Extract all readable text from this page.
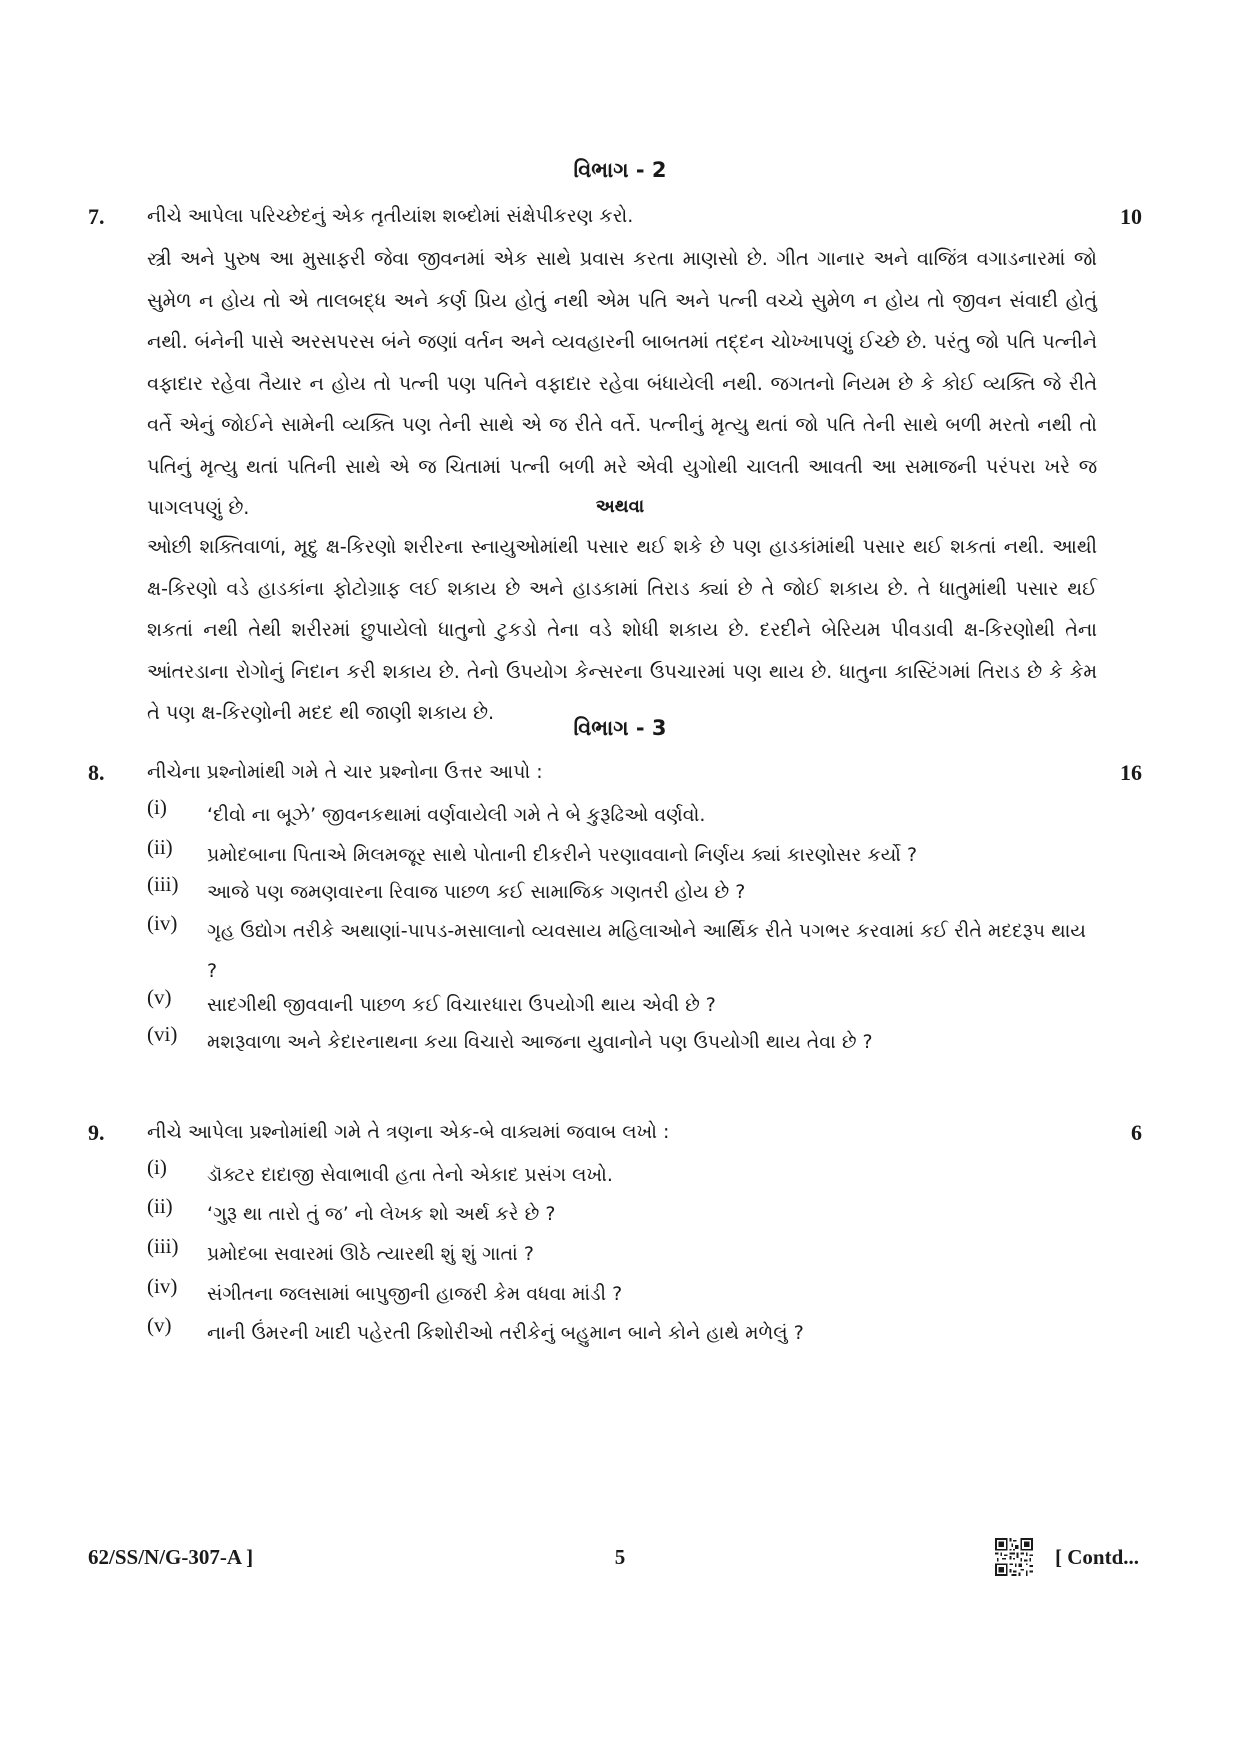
વિભાગ - 2
7. નીચે આપેલા પરિચ્છેદનું એક તૃતીયાંશ શબ્દોમાં સંક્ષેપીકરણ કરો.	10
સ્ત્રી અને પુરુષ આ મુસાફરી જેવા જીવનમાં એક સાથે પ્રવાસ કરતા માણસો છે. ગીત ગાનાર અને વાજિંત્ર વગાડનારમાં જો સુમેળ ન હોય તો એ તાલબદ્ધ અને કર્ણ પ્રિય હોતું નથી એમ પતિ અને પત્ની વચ્ચે સુમેળ ન હોય તો જીવન સંવાદી હોતું નથી. બંનેની પાસે અરસપરસ બંને જણાં વર્તન અને વ્યવહારની બાબતમાં તદ્દન ચોખ્ખાપણું ઈચ્છે છે. પરંતુ જો પતિ પત્નીને વફાદાર રહેવા તૈયાર ન હોય તો પત્ની પણ પતિને વફાદાર રહેવા બંધાયેલી નથી. જગતનો નિયમ છે કે કોઈ વ્યક્તિ જે રીતે વર્તે એનું જોઈને સામેની વ્યક્તિ પણ તેની સાથે એ જ રીતે વર્તે. પત્નીનું મૃત્યુ થતાં જો પતિ તેની સાથે બળી મરતો નથી તો પતિનું મૃત્યુ થતાં પતિની સાથે એ જ ચિતામાં પત્ની બળી મરે એવી યુગોથી ચાલતી આવતી આ સમાજની પરંપરા ખરે જ પાગલપણું છે.	અથવા
ઓછી શક્તિવાળાં, મૃદુ ક્ષ-કિરણો શરીરના સ્નાયુઓમાંથી પસાર થઈ શકે છે પણ હાડકાંમાંથી પસાર થઈ શકતાં નથી. આથી ક્ષ-કિરણો વડે હાડકાંના ફોટોગ્રાફ લઈ શકાય છે અને હાડકામાં તિરાડ ક્યાં છે તે જોઈ શકાય છે. તે ધાતુમાંથી પસાર થઈ શકતાં નથી તેથી શરીરમાં છુપાયેલો ધાતુનો ટુકડો તેના વડે શોધી શકાય છે. દરદીને બેરિયમ પીવડાવી ક્ષ-કિરણોથી તેના આંતરડાના રોગોનું નિદાન કરી શકાય છે. તેનો ઉપયોગ કેન્સરના ઉપચારમાં પણ થાય છે. ધાતુના કાસ્ટિંગમાં તિરાડ છે કે કેમ તે પણ ક્ષ-કિરણોની મદદ થી જાણી શકાય છે.
વિભાગ - 3
8. નીચેના પ્રશ્નોમાંથી ગમે તે ચાર પ્રશ્નોના ઉત્તર આપો :	16
(i)	‘દીવો ના બૂઝે’ જીવનકથામાં વર્ણવાયેલી ગમે તે બે કુરૂઢિઓ વર્ણવો.
(ii)	પ્રમોદબાના પિતાએ મિલમજૂર સાથે પોતાની દીકરીને પરણાવવાનો નિર્ણય ક્યાં કારણોસર કર્યો ?
(iii)	આજે પણ જમણવારના રિવાજ પાછળ કઈ સામાજિક ગણતરી હોય છે ?
(iv)	ગૃહ ઉદ્યોગ તરીકે અથાણાં-પાપડ-મસાલાનો વ્યવસાય મહિલાઓને આર્થિક રીતે પગભર કરવામાં કઈ રીતે મદદરૂપ થાય ?
(v)	સાદગીથી જીવવાની પાછળ કઈ વિચારધારા ઉપયોગી થાય એવી છે ?
(vi)	મશરૂવાળા અને કેદારનાથના કયા વિચારો આજના યુવાનોને પણ ઉપયોગી થાય તેવા છે ?
9. નીચે આપેલા પ્રશ્નોમાંથી ગમે તે ત્રણના એક-બે વાક્યમાં જવાબ લખો :	6
(i)	ડૉક્ટર દાદાજી સેવાભાવી હતા તેનો એકાદ પ્રસંગ લખો.
(ii)	‘ગુરૂ થા તારો તું જ’ નો લેખક શો અર્થ કરે છે ?
(iii)	પ્રમોદબા સવારમાં ઊઠે ત્યારથી શું શું ગાતાં ?
(iv)	સંગીતના જલસામાં બાપુજીની હાજરી કેમ વધવા માંડી ?
(v)	નાની ઉંમરની ખાદી પહેરતી કિશોરીઓ તરીકેનું બહુમાન બાને કોને હાથે મળેલું ?
62/SS/N/G-307-A ]	5	[ Contd...
